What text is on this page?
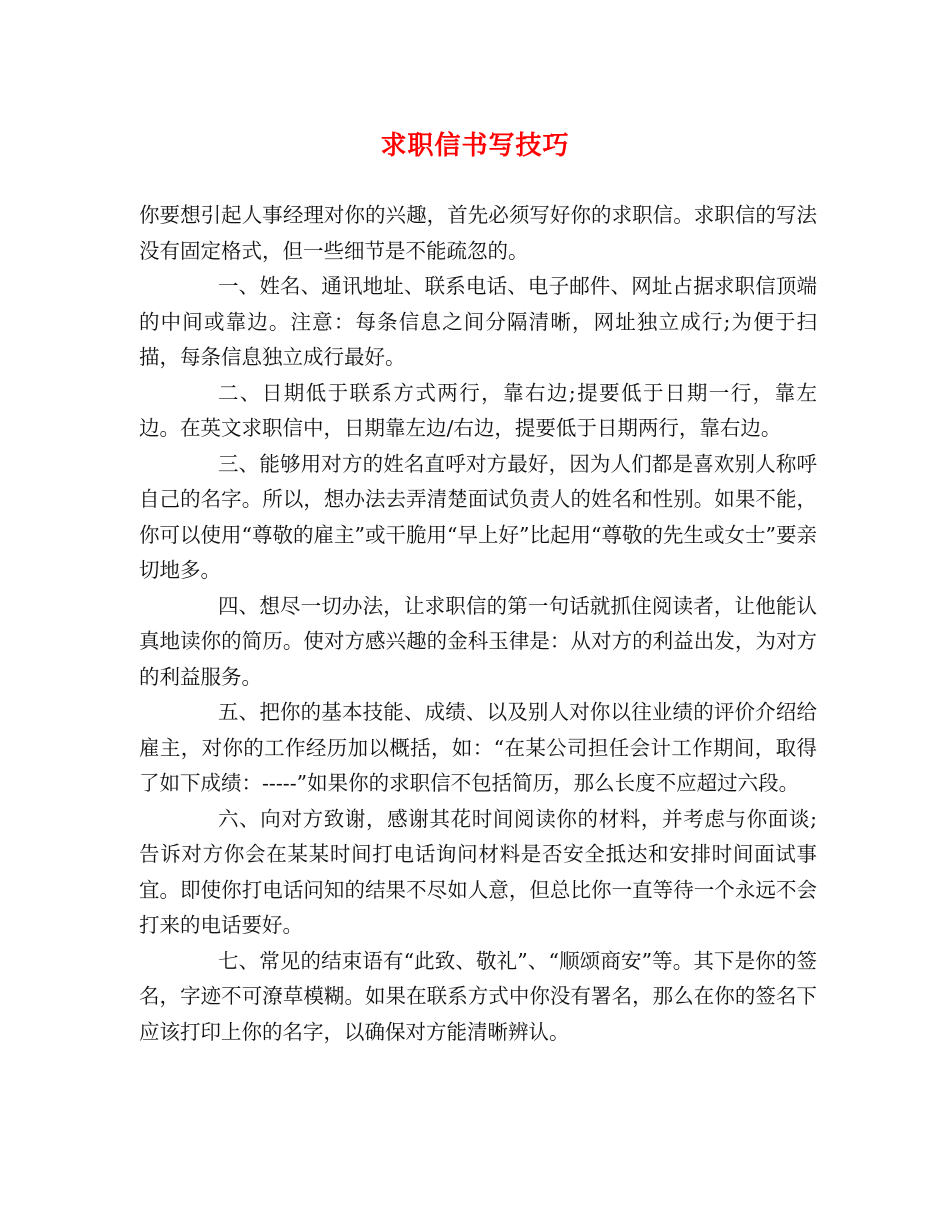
求职信书写技巧

你要想引起人事经理对你的兴趣，首先必须写好你的求职信。求职信的写法没有固定格式，但一些细节是不能疏忽的。

一、姓名、通讯地址、联系电话、电子邮件、网址占据求职信顶端的中间或靠边。注意：每条信息之间分隔清晰，网址独立成行;为便于扫描，每条信息独立成行最好。

二、日期低于联系方式两行，靠右边;提要低于日期一行，靠左边。在英文求职信中，日期靠左边/右边，提要低于日期两行，靠右边。

三、能够用对方的姓名直呼对方最好，因为人们都是喜欢别人称呼自己的名字。所以，想办法去弄清楚面试负责人的姓名和性别。如果不能，你可以使用“尊敬的雇主”或干脆用“早上好”比起用“尊敬的先生或女士”要亲切地多。

四、想尽一切办法，让求职信的第一句话就抓住阅读者，让他能认真地读你的简历。使对方感兴趣的金科玉律是：从对方的利益出发，为对方的利益服务。

五、把你的基本技能、成绩、以及别人对你以往业绩的评价介绍给雇主，对你的工作经历加以概括，如：“在某公司担任会计工作期间，取得了如下成绩：-----”如果你的求职信不包括简历，那么长度不应超过六段。

六、向对方致谢，感谢其花时间阅读你的材料，并考虑与你面谈;告诉对方你会在某某时间打电话询问材料是否安全抵达和安排时间面试事宜。即使你打电话问知的结果不尽如人意，但总比你一直等待一个永远不会打来的电话要好。

七、常见的结束语有“此致、敬礼”、“顺颂商安”等。其下是你的签名，字迹不可潦草模糊。如果在联系方式中你没有署名，那么在你的签名下应该打印上你的名字，以确保对方能清晰辨认。
